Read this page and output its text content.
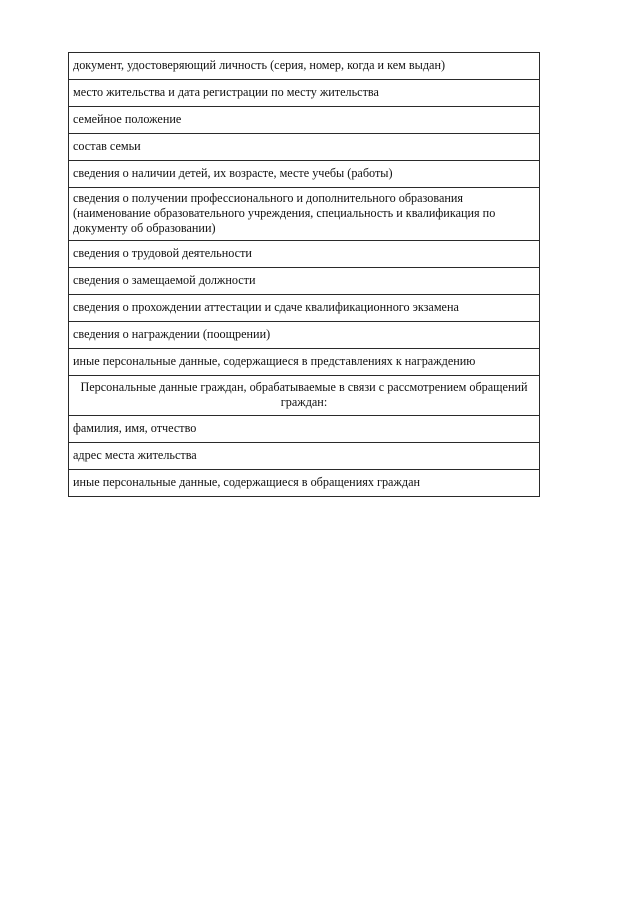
документ, удостоверяющий личность (серия, номер, когда и кем выдан)
место жительства и дата регистрации по месту жительства
семейное положение
состав семьи
сведения о наличии детей, их возрасте, месте учебы (работы)
сведения о получении профессионального и дополнительного образования (наименование образовательного учреждения, специальность и квалификация по документу об образовании)
сведения о трудовой деятельности
сведения о замещаемой должности
сведения о прохождении аттестации и сдаче квалификационного экзамена
сведения о награждении (поощрении)
иные персональные данные, содержащиеся в представлениях к награждению
Персональные данные граждан, обрабатываемые в связи с рассмотрением обращений граждан:
фамилия, имя, отчество
адрес места жительства
иные персональные данные, содержащиеся в обращениях граждан
